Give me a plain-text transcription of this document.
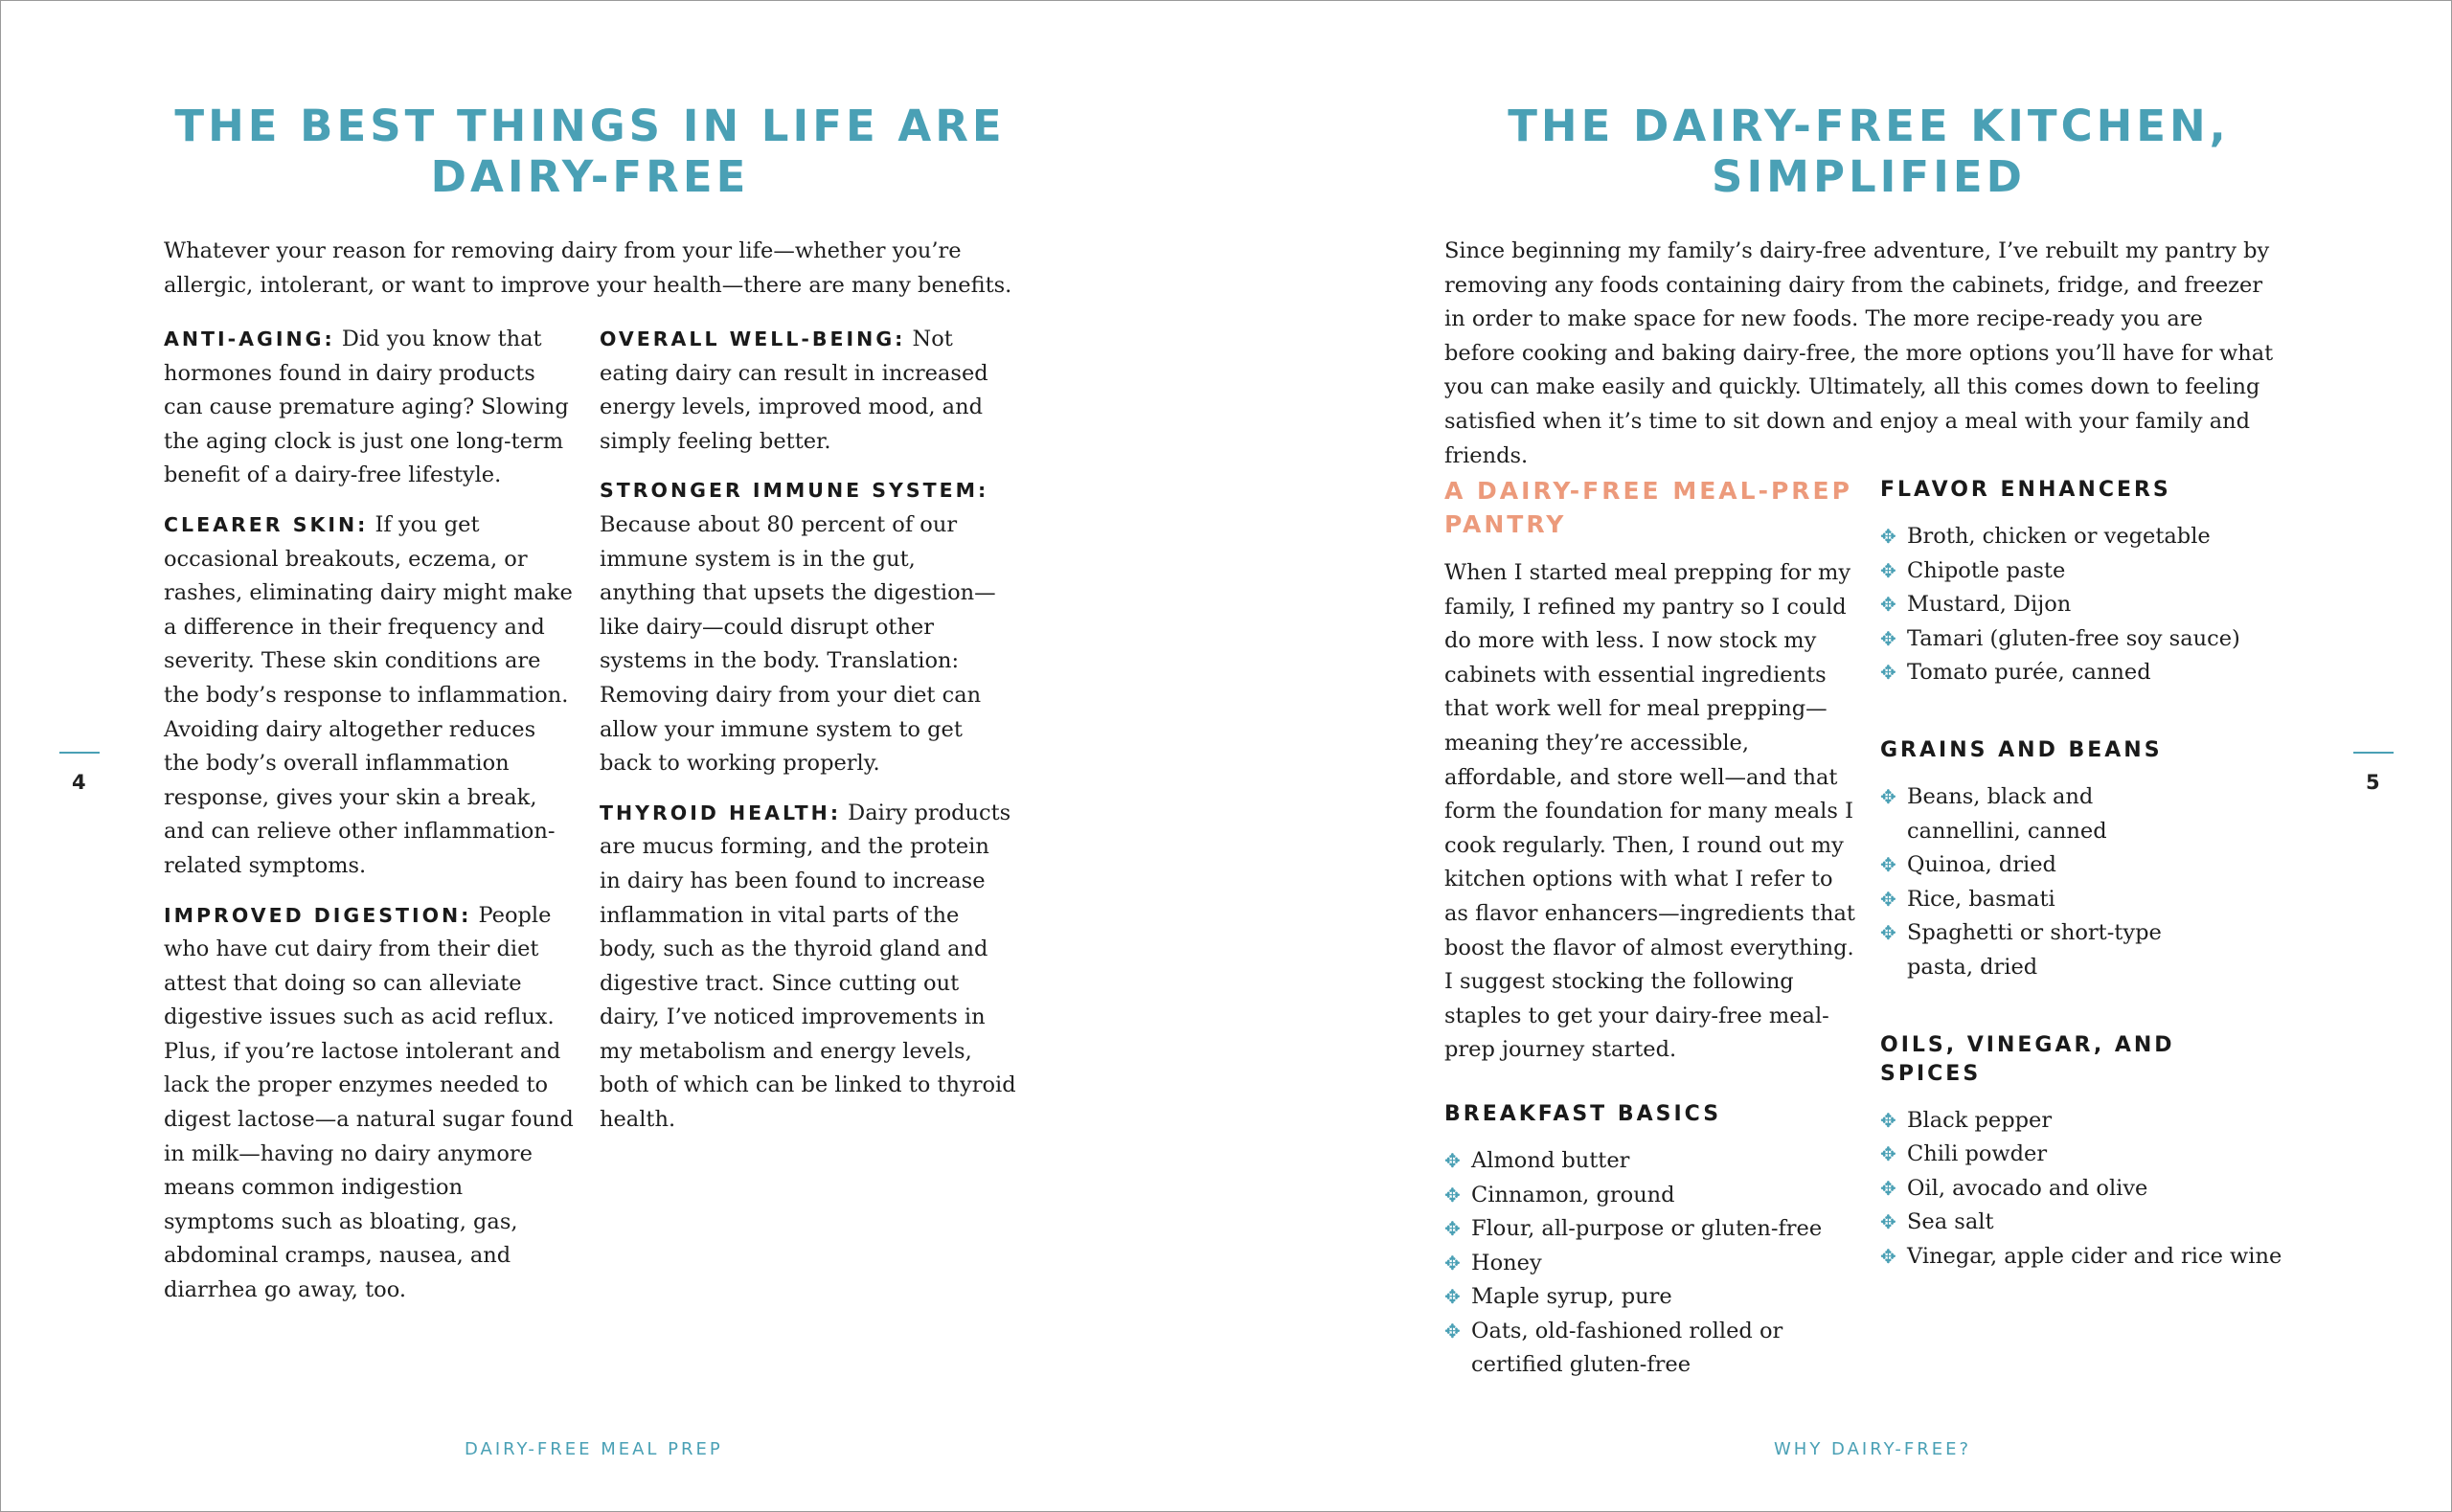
THE BEST THINGS IN LIFE ARE DAIRY-FREE

Whatever your reason for removing dairy from your life—whether you’re allergic, intolerant, or want to improve your health—there are many benefits.

ANTI-AGING: Did you know that hormones found in dairy products can cause premature aging? Slowing the aging clock is just one long-term benefit of a dairy-free lifestyle.

CLEARER SKIN: If you get occasional breakouts, eczema, or rashes, eliminating dairy might make a difference in their frequency and severity. These skin conditions are the body’s response to inflammation. Avoiding dairy altogether reduces the body’s overall inflammation response, gives your skin a break, and can relieve other inflammation-related symptoms.

IMPROVED DIGESTION: People who have cut dairy from their diet attest that doing so can alleviate digestive issues such as acid reflux. Plus, if you’re lactose intolerant and lack the proper enzymes needed to digest lactose—a natural sugar found in milk—having no dairy anymore means common indigestion symptoms such as bloating, gas, abdominal cramps, nausea, and diarrhea go away, too.

OVERALL WELL-BEING: Not eating dairy can result in increased energy levels, improved mood, and simply feeling better.

STRONGER IMMUNE SYSTEM: Because about 80 percent of our immune system is in the gut, anything that upsets the digestion—like dairy—could disrupt other systems in the body. Translation: Removing dairy from your diet can allow your immune system to get back to working properly.

THYROID HEALTH: Dairy products are mucus forming, and the protein in dairy has been found to increase inflammation in vital parts of the body, such as the thyroid gland and digestive tract. Since cutting out dairy, I’ve noticed improvements in my metabolism and energy levels, both of which can be linked to thyroid health.

4
DAIRY-FREE MEAL PREP
THE DAIRY-FREE KITCHEN, SIMPLIFIED

Since beginning my family’s dairy-free adventure, I’ve rebuilt my pantry by removing any foods containing dairy from the cabinets, fridge, and freezer in order to make space for new foods. The more recipe-ready you are before cooking and baking dairy-free, the more options you’ll have for what you can make easily and quickly. Ultimately, all this comes down to feeling satisfied when it’s time to sit down and enjoy a meal with your family and friends.

A DAIRY-FREE MEAL-PREP PANTRY

When I started meal prepping for my family, I refined my pantry so I could do more with less. I now stock my cabinets with essential ingredients that work well for meal prepping—meaning they’re accessible, affordable, and store well—and that form the foundation for many meals I cook regularly. Then, I round out my kitchen options with what I refer to as flavor enhancers—ingredients that boost the flavor of almost everything. I suggest stocking the following staples to get your dairy-free meal-prep journey started.

BREAKFAST BASICS
✥ Almond butter
✥ Cinnamon, ground
✥ Flour, all-purpose or gluten-free
✥ Honey
✥ Maple syrup, pure
✥ Oats, old-fashioned rolled or certified gluten-free
FLAVOR ENHANCERS
✥ Broth, chicken or vegetable
✥ Chipotle paste
✥ Mustard, Dijon
✥ Tamari (gluten-free soy sauce)
✥ Tomato purée, canned
GRAINS AND BEANS
✥ Beans, black and cannellini, canned
✥ Quinoa, dried
✥ Rice, basmati
✥ Spaghetti or short-type pasta, dried
OILS, VINEGAR, AND SPICES
✥ Black pepper
✥ Chili powder
✥ Oil, avocado and olive
✥ Sea salt
✥ Vinegar, apple cider and rice wine
5
WHY DAIRY-FREE?
